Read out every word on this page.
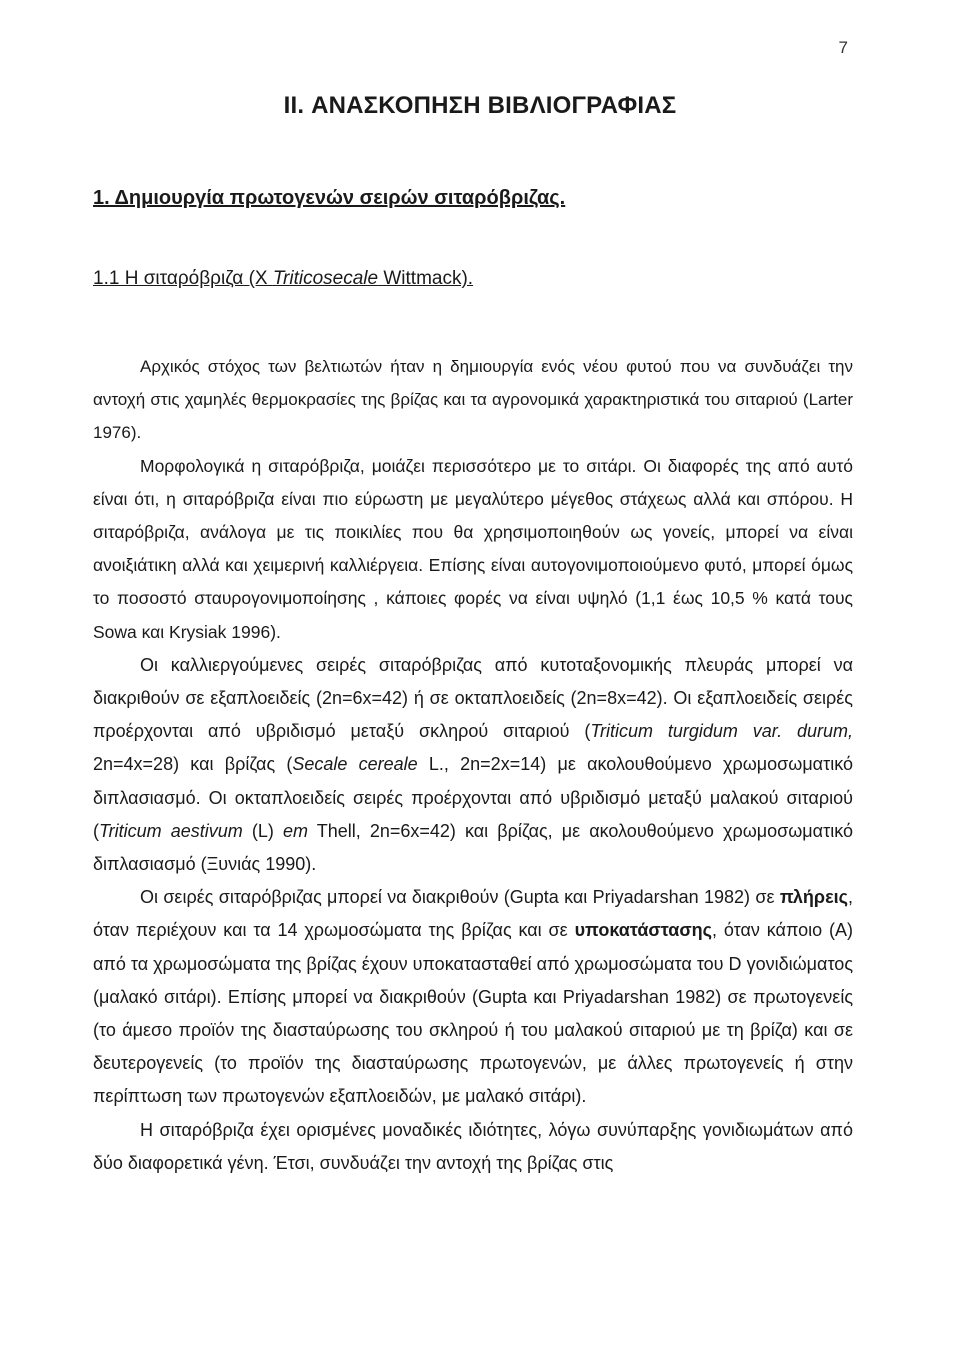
7
II. ΑΝΑΣΚΟΠΗΣΗ ΒΙΒΛΙΟΓΡΑΦΙΑΣ
1. Δημιουργία πρωτογενών σειρών σιταρόβριζας.
1.1 Η σιταρόβριζα (X Triticosecale Wittmack).

Αρχικός στόχος των βελτιωτών ήταν η δημιουργία ενός νέου φυτού που να συνδυάζει την αντοχή στις χαμηλές θερμοκρασίες της βρίζας και τα αγρονομικά χαρακτηριστικά του σιταριού (Larter 1976).

Μορφολογικά η σιταρόβριζα, μοιάζει περισσότερο με το σιτάρι. Οι διαφορές της από αυτό είναι ότι, η σιταρόβριζα είναι πιο εύρωστη με μεγαλύτερο μέγεθος στάχεως αλλά και σπόρου. Η σιταρόβριζα, ανάλογα με τις ποικιλίες που θα χρησιμοποιηθούν ως γονείς, μπορεί να είναι ανοιξιάτικη αλλά και χειμερινή καλλιέργεια. Επίσης είναι αυτογονιμοποιούμενο φυτό, μπορεί όμως το ποσοστό σταυρογονιμοποίησης , κάποιες φορές να είναι υψηλό (1,1 έως 10,5 % κατά τους Sowa και Krysiak 1996).

Οι καλλιεργούμενες σειρές σιταρόβριζας από κυτοταξονομικής πλευράς μπορεί να διακριθούν σε εξαπλοειδείς (2n=6x=42) ή σε οκταπλοειδείς (2n=8x=42). Οι εξαπλοειδείς σειρές προέρχονται από υβριδισμό μεταξύ σκληρού σιταριού (Triticum turgidum var. durum, 2n=4x=28) και βρίζας (Secale cereale L., 2n=2x=14) με ακολουθούμενο χρωμοσωματικό διπλασιασμό. Οι οκταπλοειδείς σειρές προέρχονται από υβριδισμό μεταξύ μαλακού σιταριού (Triticum aestivum (L) em Thell, 2n=6x=42) και βρίζας, με ακολουθούμενο χρωμοσωματικό διπλασιασμό (Ξυνιάς 1990).

Οι σειρές σιταρόβριζας μπορεί να διακριθούν (Gupta και Priyadarshan 1982) σε πλήρεις, όταν περιέχουν και τα 14 χρωμοσώματα της βρίζας και σε υποκατάστασης, όταν κάποιο (Α) από τα χρωμοσώματα της βρίζας έχουν υποκατασταθεί από χρωμοσώματα του D γονιδιώματος (μαλακό σιτάρι). Επίσης μπορεί να διακριθούν (Gupta και Priyadarshan 1982) σε πρωτογενείς (το άμεσο προϊόν της διασταύρωσης του σκληρού ή του μαλακού σιταριού με τη βρίζα) και σε δευτερογενείς (το προϊόν της διασταύρωσης πρωτογενών, με άλλες πρωτογενείς ή στην περίπτωση των πρωτογενών εξαπλοειδών, με μαλακό σιτάρι).

Η σιταρόβριζα έχει ορισμένες μοναδικές ιδιότητες, λόγω συνύπαρξης γονιδιωμάτων από δύο διαφορετικά γένη. Έτσι, συνδυάζει την αντοχή της βρίζας στις
